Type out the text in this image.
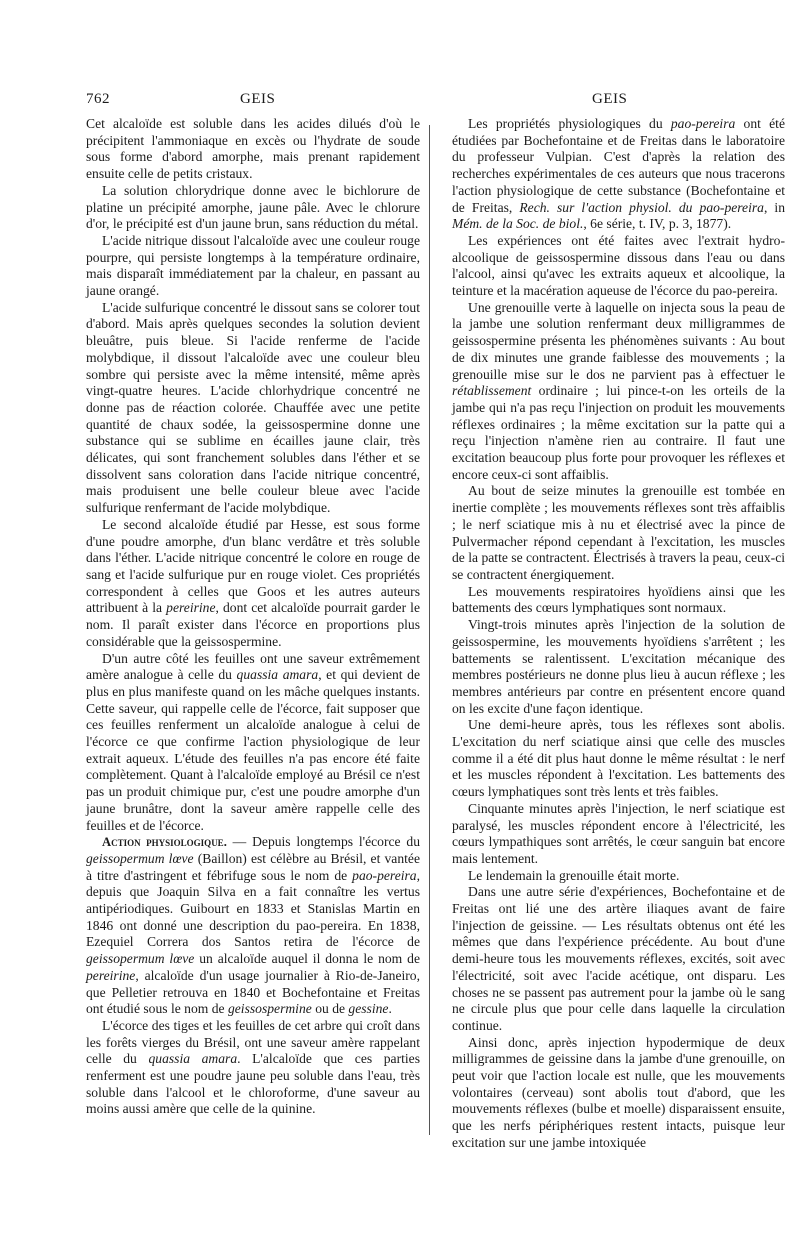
762	GEIS	GEIS

Cet alcaloïde est soluble dans les acides dilués d'où le précipitent l'ammoniaque en excès ou l'hydrate de soude sous forme d'abord amorphe, mais prenant rapidement ensuite celle de petits cristaux.

La solution chlorydrique donne avec le bichlorure de platine un précipité amorphe, jaune pâle. Avec le chlorure d'or, le précipité est d'un jaune brun, sans réduction du métal.

L'acide nitrique dissout l'alcaloïde avec une couleur rouge pourpre, qui persiste longtemps à la température ordinaire, mais disparaît immédiatement par la chaleur, en passant au jaune orangé.

L'acide sulfurique concentré le dissout sans se colorer tout d'abord. Mais après quelques secondes la solution devient bleuâtre, puis bleue. Si l'acide renferme de l'acide molybdique, il dissout l'alcaloïde avec une couleur bleu sombre qui persiste avec la même intensité, même après vingt-quatre heures. L'acide chlorhydrique concentré ne donne pas de réaction colorée. Chauffée avec une petite quantité de chaux sodée, la geissospermine donne une substance qui se sublime en écailles jaune clair, très délicates, qui sont franchement solubles dans l'éther et se dissolvent sans coloration dans l'acide nitrique concentré, mais produisent une belle couleur bleue avec l'acide sulfurique renfermant de l'acide molybdique.

Le second alcaloïde étudié par Hesse, est sous forme d'une poudre amorphe, d'un blanc verdâtre et très soluble dans l'éther. L'acide nitrique concentré le colore en rouge de sang et l'acide sulfurique pur en rouge violet. Ces propriétés correspondent à celles que Goos et les autres auteurs attribuent à la pereirine, dont cet alcaloïde pourrait garder le nom. Il paraît exister dans l'écorce en proportions plus considérable que la geissospermine.

D'un autre côté les feuilles ont une saveur extrêmement amère analogue à celle du quassia amara, et qui devient de plus en plus manifeste quand on les mâche quelques instants. Cette saveur, qui rappelle celle de l'écorce, fait supposer que ces feuilles renferment un alcaloïde analogue à celui de l'écorce ce que confirme l'action physiologique de leur extrait aqueux. L'étude des feuilles n'a pas encore été faite complètement. Quant à l'alcaloïde employé au Brésil ce n'est pas un produit chimique pur, c'est une poudre amorphe d'un jaune brunâtre, dont la saveur amère rappelle celle des feuilles et de l'écorce.

Action physiologique. — Depuis longtemps l'écorce du geissopermum lœve (Baillon) est célèbre au Brésil, et vantée à titre d'astringent et fébrifuge sous le nom de pao-pereira, depuis que Joaquin Silva en a fait connaître les vertus antipériodiques. Guibourt en 1833 et Stanislas Martin en 1846 ont donné une description du pao-pereira. En 1838, Ezequiel Correra dos Santos retira de l'écorce de geissopermum lœve un alcaloïde auquel il donna le nom de pereirine, alcaloïde d'un usage journalier à Rio-de-Janeiro, que Pelletier retrouva en 1840 et Bochefontaine et Freitas ont étudié sous le nom de geissospermine ou de gessine.

L'écorce des tiges et les feuilles de cet arbre qui croît dans les forêts vierges du Brésil, ont une saveur amère rappelant celle du quassia amara. L'alcaloïde que ces parties renferment est une poudre jaune peu soluble dans l'eau, très soluble dans l'alcool et le chloroforme, d'une saveur au moins aussi amère que celle de la quinine.

Les propriétés physiologiques du pao-pereira ont été étudiées par Bochefontaine et de Freitas dans le laboratoire du professeur Vulpian. C'est d'après la relation des recherches expérimentales de ces auteurs que nous tracerons l'action physiologique de cette substance (Bochefontaine et de Freitas, Rech. sur l'action physiol. du pao-pereira, in Mém. de la Soc. de biol., 6e série, t. IV, p. 3, 1877).

Les expériences ont été faites avec l'extrait hydro-alcoolique de geissospermine dissous dans l'eau ou dans l'alcool, ainsi qu'avec les extraits aqueux et alcoolique, la teinture et la macération aqueuse de l'écorce du pao-pereira.

Une grenouille verte à laquelle on injecta sous la peau de la jambe une solution renfermant deux milligrammes de geissospermine présenta les phénomènes suivants : Au bout de dix minutes une grande faiblesse des mouvements ; la grenouille mise sur le dos ne parvient pas à effectuer le rétablissement ordinaire ; lui pince-t-on les orteils de la jambe qui n'a pas reçu l'injection on produit les mouvements réflexes ordinaires ; la même excitation sur la patte qui a reçu l'injection n'amène rien au contraire. Il faut une excitation beaucoup plus forte pour provoquer les réflexes et encore ceux-ci sont affaiblis.

Au bout de seize minutes la grenouille est tombée en inertie complète ; les mouvements réflexes sont très affaiblis ; le nerf sciatique mis à nu et électrisé avec la pince de Pulvermacher répond cependant à l'excitation, les muscles de la patte se contractent. Électrisés à travers la peau, ceux-ci se contractent énergiquement.

Les mouvements respiratoires hyoïdiens ainsi que les battements des cœurs lymphatiques sont normaux.

Vingt-trois minutes après l'injection de la solution de geissospermine, les mouvements hyoïdiens s'arrêtent ; les battements se ralentissent. L'excitation mécanique des membres postérieurs ne donne plus lieu à aucun réflexe ; les membres antérieurs par contre en présentent encore quand on les excite d'une façon identique.

Une demi-heure après, tous les réflexes sont abolis. L'excitation du nerf sciatique ainsi que celle des muscles comme il a été dit plus haut donne le même résultat : le nerf et les muscles répondent à l'excitation. Les battements des cœurs lymphatiques sont très lents et très faibles.

Cinquante minutes après l'injection, le nerf sciatique est paralysé, les muscles répondent encore à l'électricité, les cœurs lympathiques sont arrêtés, le cœur sanguin bat encore mais lentement.

Le lendemain la grenouille était morte.

Dans une autre série d'expériences, Bochefontaine et de Freitas ont lié une des artère iliaques avant de faire l'injection de geissine. — Les résultats obtenus ont été les mêmes que dans l'expérience précédente. Au bout d'une demi-heure tous les mouvements réflexes, excités, soit avec l'électricité, soit avec l'acide acétique, ont disparu. Les choses ne se passent pas autrement pour la jambe où le sang ne circule plus que pour celle dans laquelle la circulation continue.

Ainsi donc, après injection hypodermique de deux milligrammes de geissine dans la jambe d'une grenouille, on peut voir que l'action locale est nulle, que les mouvements volontaires (cerveau) sont abolis tout d'abord, que les mouvements réflexes (bulbe et moelle) disparaissent ensuite, que les nerfs périphériques restent intacts, puisque leur excitation sur une jambe intoxiquée
